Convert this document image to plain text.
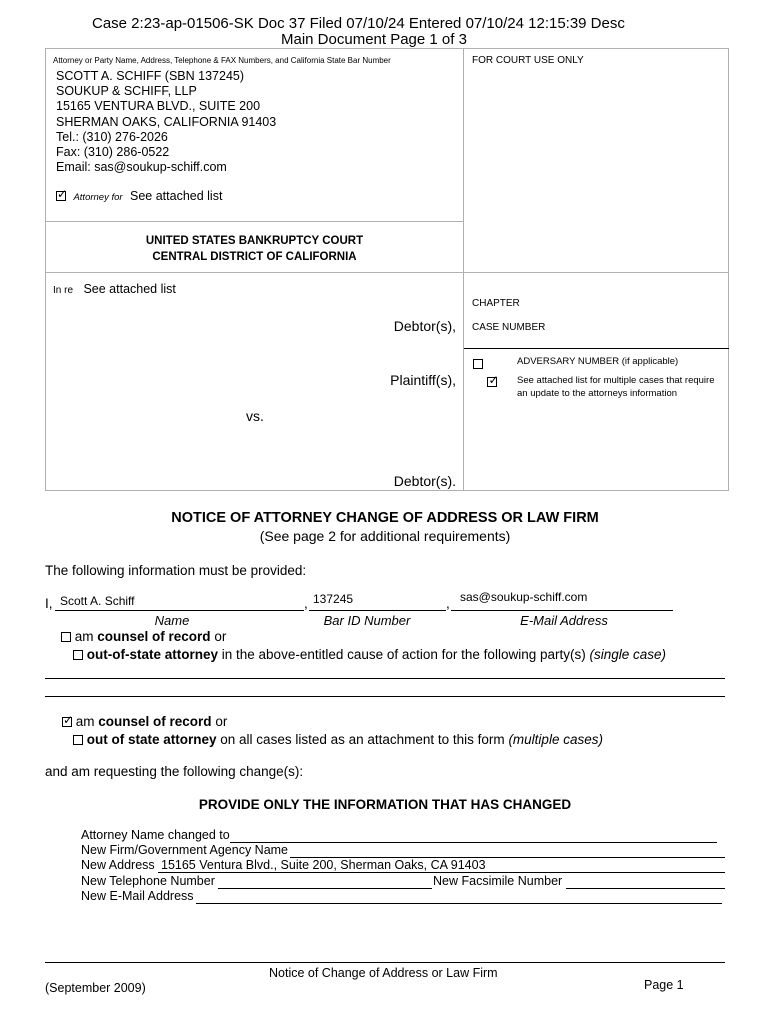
Case 2:23-ap-01506-SK Doc 37 Filed 07/10/24 Entered 07/10/24 12:15:39 Desc
Main Document Page 1 of 3
Attorney or Party Name, Address, Telephone & FAX Numbers, and California State Bar Number	FOR COURT USE ONLY
SCOTT A. SCHIFF (SBN 137245)
SOUKUP & SCHIFF, LLP
15165 VENTURA BLVD., SUITE 200
SHERMAN OAKS, CALIFORNIA 91403
Tel.: (310) 276-2026
Fax: (310) 286-0522
Email: sas@soukup-schiff.com
✓ Attorney for See attached list
UNITED STATES BANKRUPTCY COURT
CENTRAL DISTRICT OF CALIFORNIA
In re See attached list
Debtor(s),
Plaintiff(s),
vs.
Debtor(s).
CHAPTER
CASE NUMBER

ADVERSARY NUMBER (if applicable)
✓
See attached list for multiple cases that require
an update to the attorneys information
NOTICE OF ATTORNEY CHANGE OF ADDRESS OR LAW FIRM
(See page 2 for additional requirements)
The following information must be provided:
I, Scott A. Schiff	, 137245	, sas@soukup-schiff.com
Name	Bar ID Number	E-Mail Address
am counsel of record or
out-of-state attorney in the above-entitled cause of action for the following party(s) (single case)
✓ am counsel of record or
out of state attorney on all cases listed as an attachment to this form (multiple cases)
and am requesting the following change(s):
PROVIDE ONLY THE INFORMATION THAT HAS CHANGED
Attorney Name changed to
New Firm/Government Agency Name
New Address 15165 Ventura Blvd., Suite 200, Sherman Oaks, CA 91403
New Telephone Number	New Facsimile Number
New E-Mail Address
Notice of Change of Address or Law Firm
(September 2009)	Page 1
